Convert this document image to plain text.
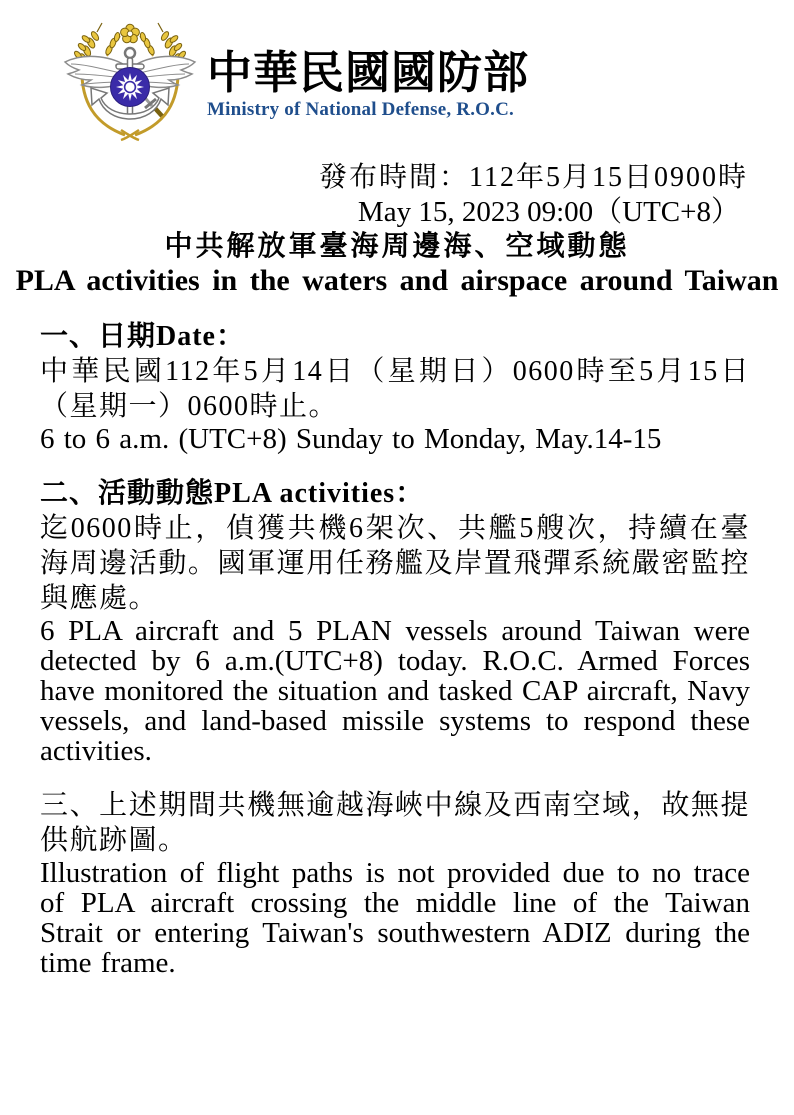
中華民國國防部
Ministry of National Defense, R.O.C.
發布時間：112年5月15日0900時
May 15, 2023 09:00（UTC+8）
中共解放軍臺海周邊海、空域動態
PLA activities in the waters and airspace around Taiwan
一、日期Date：

中華民國112年5月14日（星期日）0600時至5月15日（星期一）0600時止。

6 to 6 a.m. (UTC+8) Sunday to Monday, May.14-15

二、活動動態PLA activities：

迄0600時止，偵獲共機6架次、共艦5艘次，持續在臺海周邊活動。國軍運用任務艦及岸置飛彈系統嚴密監控與應處。

6 PLA aircraft and 5 PLAN vessels around Taiwan were detected by 6 a.m.(UTC+8) today. R.O.C. Armed Forces have monitored the situation and tasked CAP aircraft, Navy vessels, and land-based missile systems to respond these activities.

三、上述期間共機無逾越海峽中線及西南空域，故無提供航跡圖。

Illustration of flight paths is not provided due to no trace of PLA aircraft crossing the middle line of the Taiwan Strait or entering Taiwan's southwestern ADIZ during the time frame.
